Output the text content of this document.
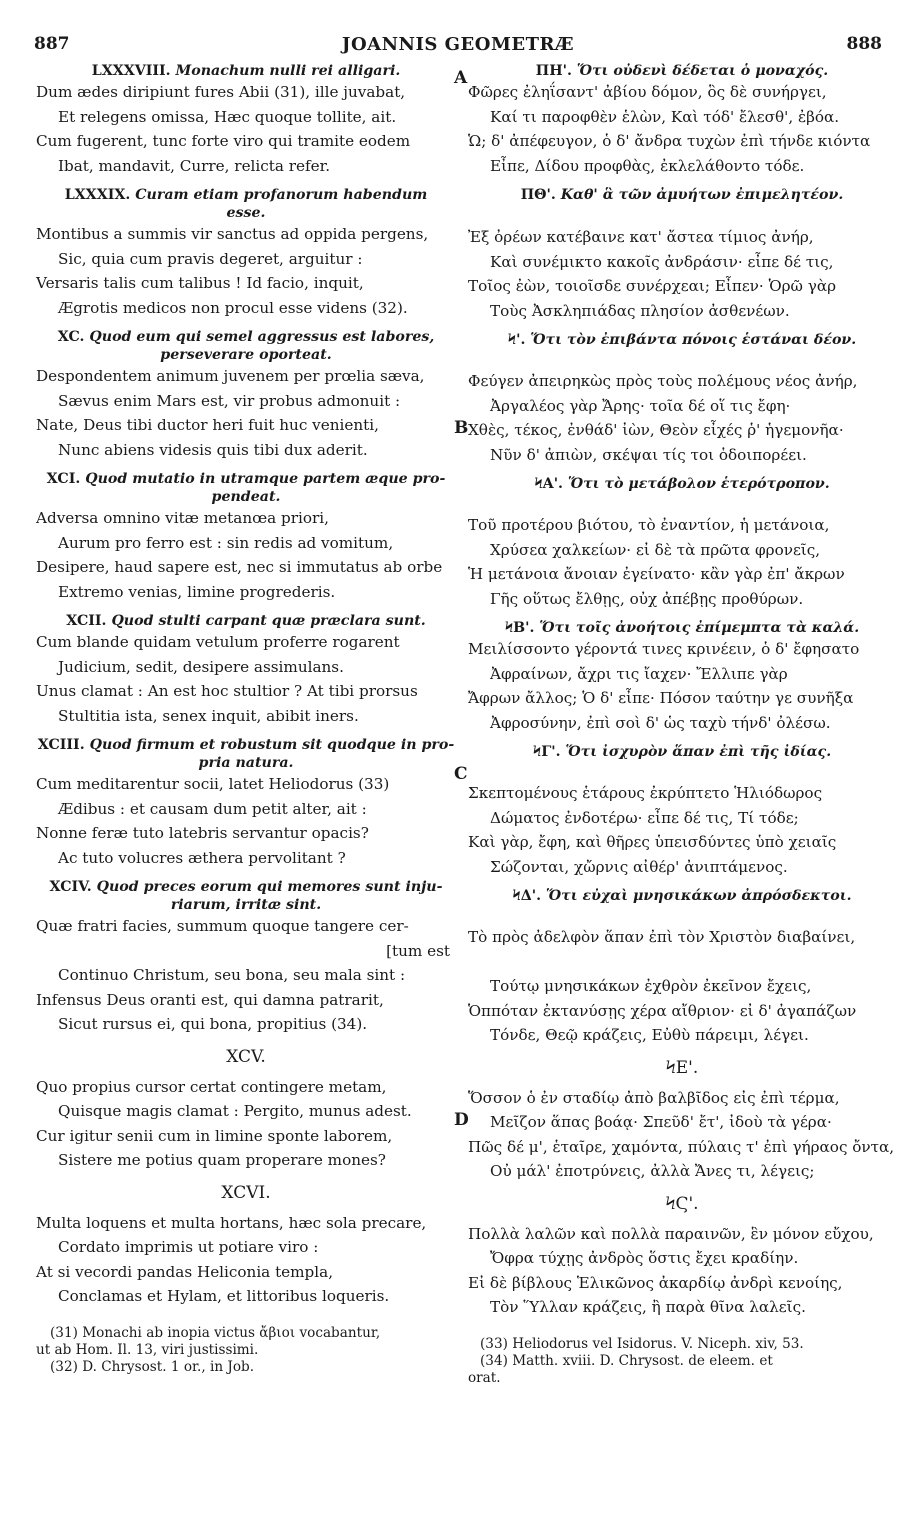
887	JOANNIS GEOMETRÆ	888
A
B
C
D

LXXXVIII. Monachum nulli rei alligari.

Dum ædes diripiunt fures Abii (31), ille juvabat,
Et relegens omissa, Hæc quoque tollite, ait.
Cum fugerent, tunc forte viro qui tramite eodem
Ibat, mandavit, Curre, relicta refer.

LXXXIX. Curam etiam profanorum habendum
esse.

Montibus a summis vir sanctus ad oppida pergens,
Sic, quia cum pravis degeret, arguitur :
Versaris talis cum talibus ! Id facio, inquit,
Ægrotis medicos non procul esse videns (32).

XC. Quod eum qui semel aggressus est labores,
perseverare oporteat.

Despondentem animum juvenem per prœlia sæva,
Sævus enim Mars est, vir probus admonuit :
Nate, Deus tibi ductor heri fuit huc venienti,
Nunc abiens videsis quis tibi dux aderit.

XCI. Quod mutatio in utramque partem æque pro-
pendeat.

Adversa omnino vitæ metanœa priori,
Aurum pro ferro est : sin redis ad vomitum,
Desipere, haud sapere est, nec si immutatus ab orbe
Extremo venias, limine progrederis.

XCII. Quod stulti carpant quæ præclara sunt.

Cum blande quidam vetulum proferre rogarent
Judicium, sedit, desipere assimulans.
Unus clamat : An est hoc stultior ? At tibi prorsus
Stultitia ista, senex inquit, abibit iners.

XCIII. Quod firmum et robustum sit quodque in pro-
pria natura.

Cum meditarentur socii, latet Heliodorus (33)
Ædibus : et causam dum petit alter, ait :
Nonne feræ tuto latebris servantur opacis?
Ac tuto volucres æthera pervolitant ?

XCIV. Quod preces eorum qui memores sunt inju-
riarum, irritæ sint.

Quæ fratri facies, summum quoque tangere cer-
[tum est
Continuo Christum, seu bona, seu mala sint :
Infensus Deus oranti est, qui damna patrarit,
Sicut rursus ei, qui bona, propitius (34).
XCV.
Quo propius cursor certat contingere metam,
Quisque magis clamat : Pergito, munus adest.
Cur igitur senii cum in limine sponte laborem,
Sistere me potius quam properare mones?
XCVI.
Multa loquens et multa hortans, hæc sola precare,
Cordato imprimis ut potiare viro :
At si vecordi pandas Heliconia templa,
Conclamas et Hylam, et littoribus loqueris.
(31) Monachi ab inopia victus ἄβιοι vocabantur,
ut ab Hom. Il. 13, viri justissimi.
(32) D. Chrysost. 1 or., in Job.

ΠΗ'. Ὅτι οὐδενὶ δέδεται ὁ μοναχός.

Φῶρες ἐληΐσαντ' ἀβίου δόμον, ὃς δὲ συνήργει,
Καί τι παροφθὲν ἑλὼν, Καὶ τόδ' ἔλεσθ', ἐβόα.
Ὡ; δ' ἀπέφευγον, ὁ δ' ἄνδρα τυχὼν ἐπὶ τήνδε κιόντα
Εἶπε, Δίδου προφθὰς, ἐκλελάθοντο τόδε.

ΠΘ'. Καθ' ἃ τῶν ἀμυήτων ἐπιμελητέον.

Ἐξ ὀρέων κατέβαινε κατ' ἄστεα τίμιος ἀνήρ,
Καὶ συνέμικτο κακοῖς ἀνδράσιν· εἶπε δέ τις,
Τοῖος ἐὼν, τοιοῖσδε συνέρχεαι; Εἶπεν· Ὁρῶ γὰρ
Τοὺς Ἀσκληπιάδας πλησίον ἀσθενέων.

Ϟ'. Ὅτι τὸν ἐπιβάντα πόνοις ἑστάναι δέον.

Φεύγεν ἀπειρηκὼς πρὸς τοὺς πολέμους νέος ἀνήρ,
Ἀργαλέος γὰρ Ἄρης· τοῖα δέ οἵ τις ἔφη·
Χθὲς, τέκος, ἐνθάδ' ἰὼν, Θεὸν εἶχές ῥ' ἡγεμονῆα·
Νῦν δ' ἀπιὼν, σκέψαι τίς τοι ὁδοιπορέει.

ϞΑ'. Ὅτι τὸ μετάβολον ἑτερότροπον.

Τοῦ προτέρου βιότου, τὸ ἐναντίον, ἡ μετάνοια,
Χρύσεα χαλκείων· εἰ δὲ τὰ πρῶτα φρονεῖς,
Ἡ μετάνοια ἄνοιαν ἐγείνατο· κἂν γὰρ ἐπ' ἄκρων
Γῆς οὕτως ἔλθῃς, οὐχ ἀπέβῃς προθύρων.

ϞΒ'. Ὅτι τοῖς ἀνοήτοις ἐπίμεμπτα τὰ καλά.

Μειλίσσοντο γέροντά τινες κρινέειν, ὁ δ' ἔφησατο
Ἀφραίνων, ἄχρι τις ἴαχεν· Ἔλλιπε γὰρ
Ἄφρων ἄλλος; Ὁ δ' εἶπε· Πόσον ταύτην γε συνῆξα
Ἀφροσύνην, ἐπὶ σοὶ δ' ὡς ταχὺ τήνδ' ὀλέσω.

ϞΓ'. Ὅτι ἰσχυρὸν ἅπαν ἐπὶ τῆς ἰδίας.

Σκεπτομένους ἑτάρους ἐκρύπτετο Ἡλιόδωρος
Δώματος ἐνδοτέρω· εἶπε δέ τις, Τί τόδε;
Καὶ γὰρ, ἔφη, καὶ θῆρες ὑπεισδύντες ὑπὸ χειαῖς
Σώζονται, χὤρνις αἰθέρ' ἀνιπτάμενος.

ϞΔ'. Ὅτι εὐχαὶ μνησικάκων ἀπρόσδεκτοι.

Τὸ πρὸς ἀδελφὸν ἅπαν ἐπὶ τὸν Χριστὸν διαβαίνει,
Τούτῳ μνησικάκων ἐχθρὸν ἐκεῖνον ἔχεις,
Ὁππόταν ἐκτανύσῃς χέρα αἴθριον· εἰ δ' ἀγαπάζων
Τόνδε, Θεῷ κράζεις, Εὐθὺ πάρειμι, λέγει.
ϞΕ'.
Ὅσσον ὁ ἐν σταδίῳ ἀπὸ βαλβῖδος εἰς ἐπὶ τέρμα,
Μεῖζον ἅπας βοάᾳ· Σπεῦδ' ἔτ', ἰδοὺ τὰ γέρα·
Πῶς δέ μ', ἑταῖρε, χαμόντα, πύλαις τ' ἐπὶ γήραος ὄντα,
Οὐ μάλ' ἐποτρύνεις, ἀλλὰ Ἄνες τι, λέγεις;
ϞϚ'.
Πολλὰ λαλῶν καὶ πολλὰ παραινῶν, ἓν μόνον εὔχου,
Ὄφρα τύχῃς ἀνδρὸς ὅστις ἔχει κραδίην.
Εἰ δὲ βίβλους Ἑλικῶνος ἀκαρδίῳ ἀνδρὶ κενοίης,
Τὸν Ὕλλαν κράζεις, ἢ παρὰ θῖνα λαλεῖς.
(33) Heliodorus vel Isidorus. V. Niceph. xiv, 53.
(34) Matth. xviii. D. Chrysost. de eleem. et
orat.
